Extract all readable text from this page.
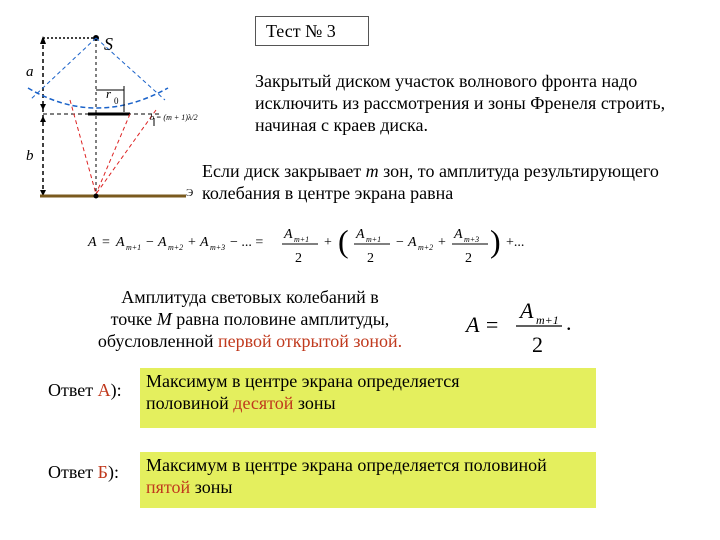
Тест № 3
S
a
b
r 0
b = (m + 1)λ/2
Э
Закрытый диском участок волнового фронта надо исключить из рассмотрения и зоны Френеля строить, начиная с краев диска.
Если диск закрывает m зон, то амплитуда результирующего колебания в центре экрана равна
A = A m+1 − A m+2 + A m+3 − ... =
A m+1
2
+ ( A m+1
2
− A m+2 +
A m+3
2 ) +...
Амплитуда световых колебаний в
точке M равна половине амплитуды,
обусловленной первой открытой зоной.
A =
A m+1
2
.
Ответ А): Максимум в центре экрана определяется
половиной десятой зоны
Ответ Б): Максимум в центре экрана определяется половиной
пятой зоны
